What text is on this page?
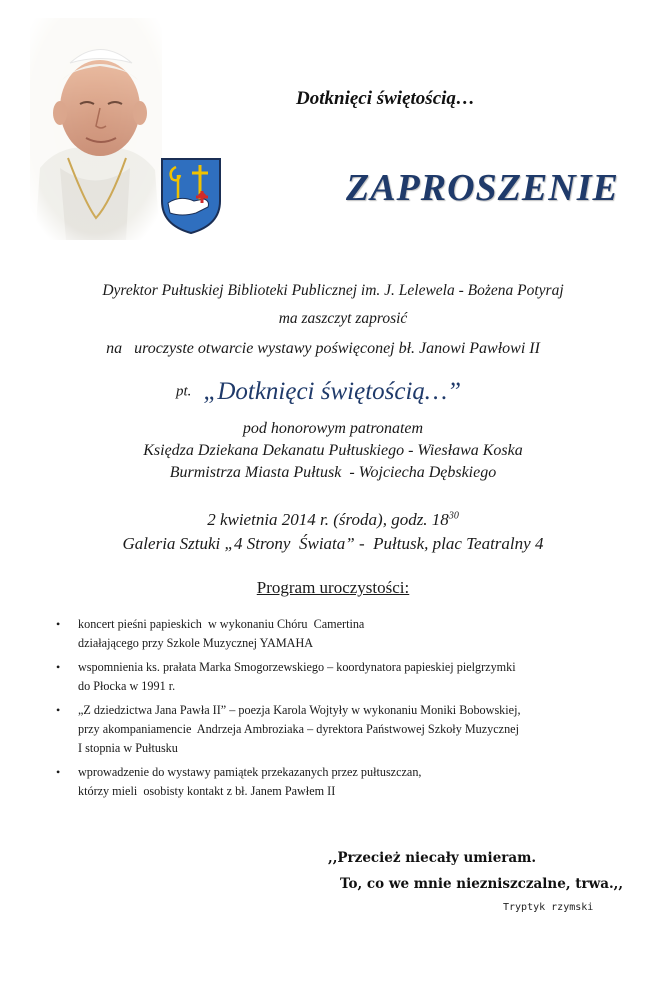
Dotknięci świętością…
ZAPROSZENIE
Dyrektor Pułtuskiej Biblioteki Publicznej im. J. Lelewela - Bożena Potyraj
ma zaszczyt zaprosić
na   uroczyste otwarcie wystawy poświęconej bł. Janowi Pawłowi II
pt. „Dotknięci świętością…”
pod honorowym patronatem
Księdza Dziekana Dekanatu Pułtuskiego - Wiesława Koska
Burmistrza Miasta Pułtusk  - Wojciecha Dębskiego
2 kwietnia 2014 r. (środa), godz. $18^{30}$
Galeria Sztuki „4 Strony  Świata” -  Pułtusk, plac Teatralny 4
Program uroczystości:
• koncert pieśni papieskich  w wykonaniu Chóru  Camertina
działającego przy Szkole Muzycznej YAMAHA
• wspomnienia ks. prałata Marka Smogorzewskiego – koordynatora papieskiej pielgrzymki
do Płocka w 1991 r.
• „Z dziedzictwa Jana Pawła II” – poezja Karola Wojtyły w wykonaniu Moniki Bobowskiej,
przy akompaniamencie  Andrzeja Ambroziaka – dyrektora Państwowej Szkoły Muzycznej
I stopnia w Pułtusku
• wprowadzenie do wystawy pamiątek przekazanych przez pułtuszczan,
którzy mieli  osobisty kontakt z bł. Janem Pawłem II
,,Przecież niecały umieram.
To, co we mnie niezniszczalne, trwa.,,
Tryptyk rzymski
